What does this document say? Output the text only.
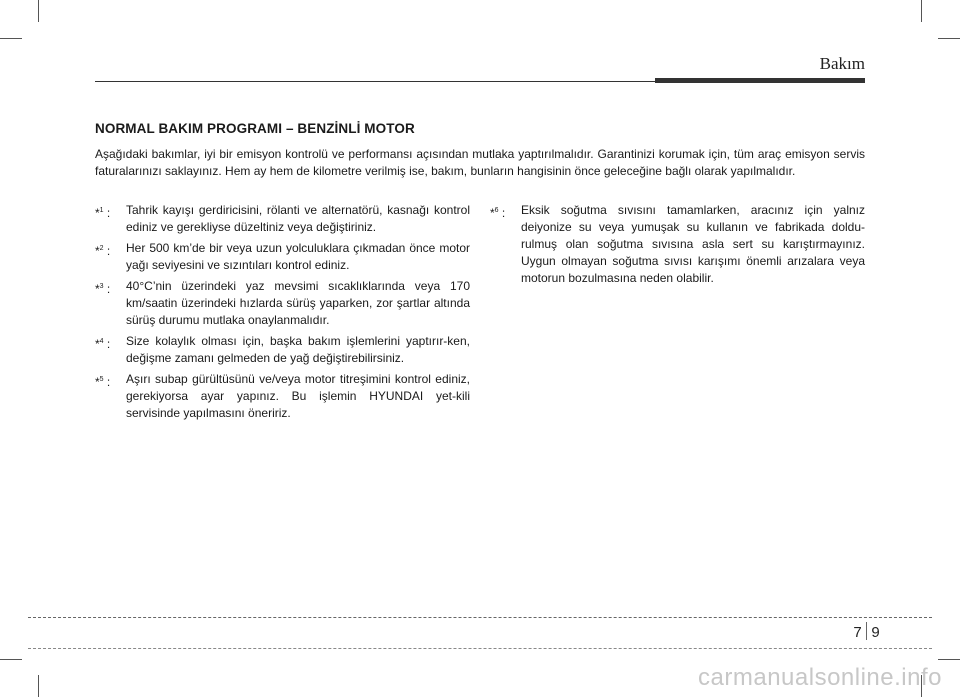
Bakım
NORMAL BAKIM PROGRAMI – BENZİNLİ MOTOR

Aşağıdaki bakımlar, iyi bir emisyon kontrolü ve performansı açısından mutlaka yaptırılmalıdır. Garantinizi korumak için, tüm araç emisyon servis faturalarınızı saklayınız. Hem ay hem de kilometre verilmiş ise, bakım, bunların hangisinin önce geleceğine bağlı olarak yapılmalıdır.

*$^1$ : Tahrik kayışı gerdiricisini, rölanti ve alternatörü, kasnağı kontrol ediniz ve gerekliyse düzeltiniz veya değiştiriniz.
*$^2$ : Her 500 km’de bir veya uzun yolculuklara çıkmadan önce motor yağı seviyesini ve sızıntıları kontrol ediniz.
*$^3$ : 40°C’nin üzerindeki yaz mevsimi sıcaklıklarında veya 170 km/saatin üzerindeki hızlarda sürüş yaparken, zor şartlar altında sürüş durumu mutlaka onaylanmalıdır.
*$^4$ : Size kolaylık olması için, başka bakım işlemlerini yaptırır-ken, değişme zamanı gelmeden de yağ değiştirebilirsiniz.
*$^5$ : Aşırı subap gürültüsünü ve/veya motor titreşimini kontrol ediniz, gerekiyorsa ayar yapınız. Bu işlemin HYUNDAI yet-kili servisinde yapılmasını öneririz.
*$^6$ : Eksik soğutma sıvısını tamamlarken, aracınız için yalnız deiyonize su veya yumuşak su kullanın ve fabrikada doldu-rulmuş olan soğutma sıvısına asla sert su karıştırmayınız. Uygun olmayan soğutma sıvısı karışımı önemli arızalara veya motorun bozulmasına neden olabilir.
7 9
carmanualsonline.info
